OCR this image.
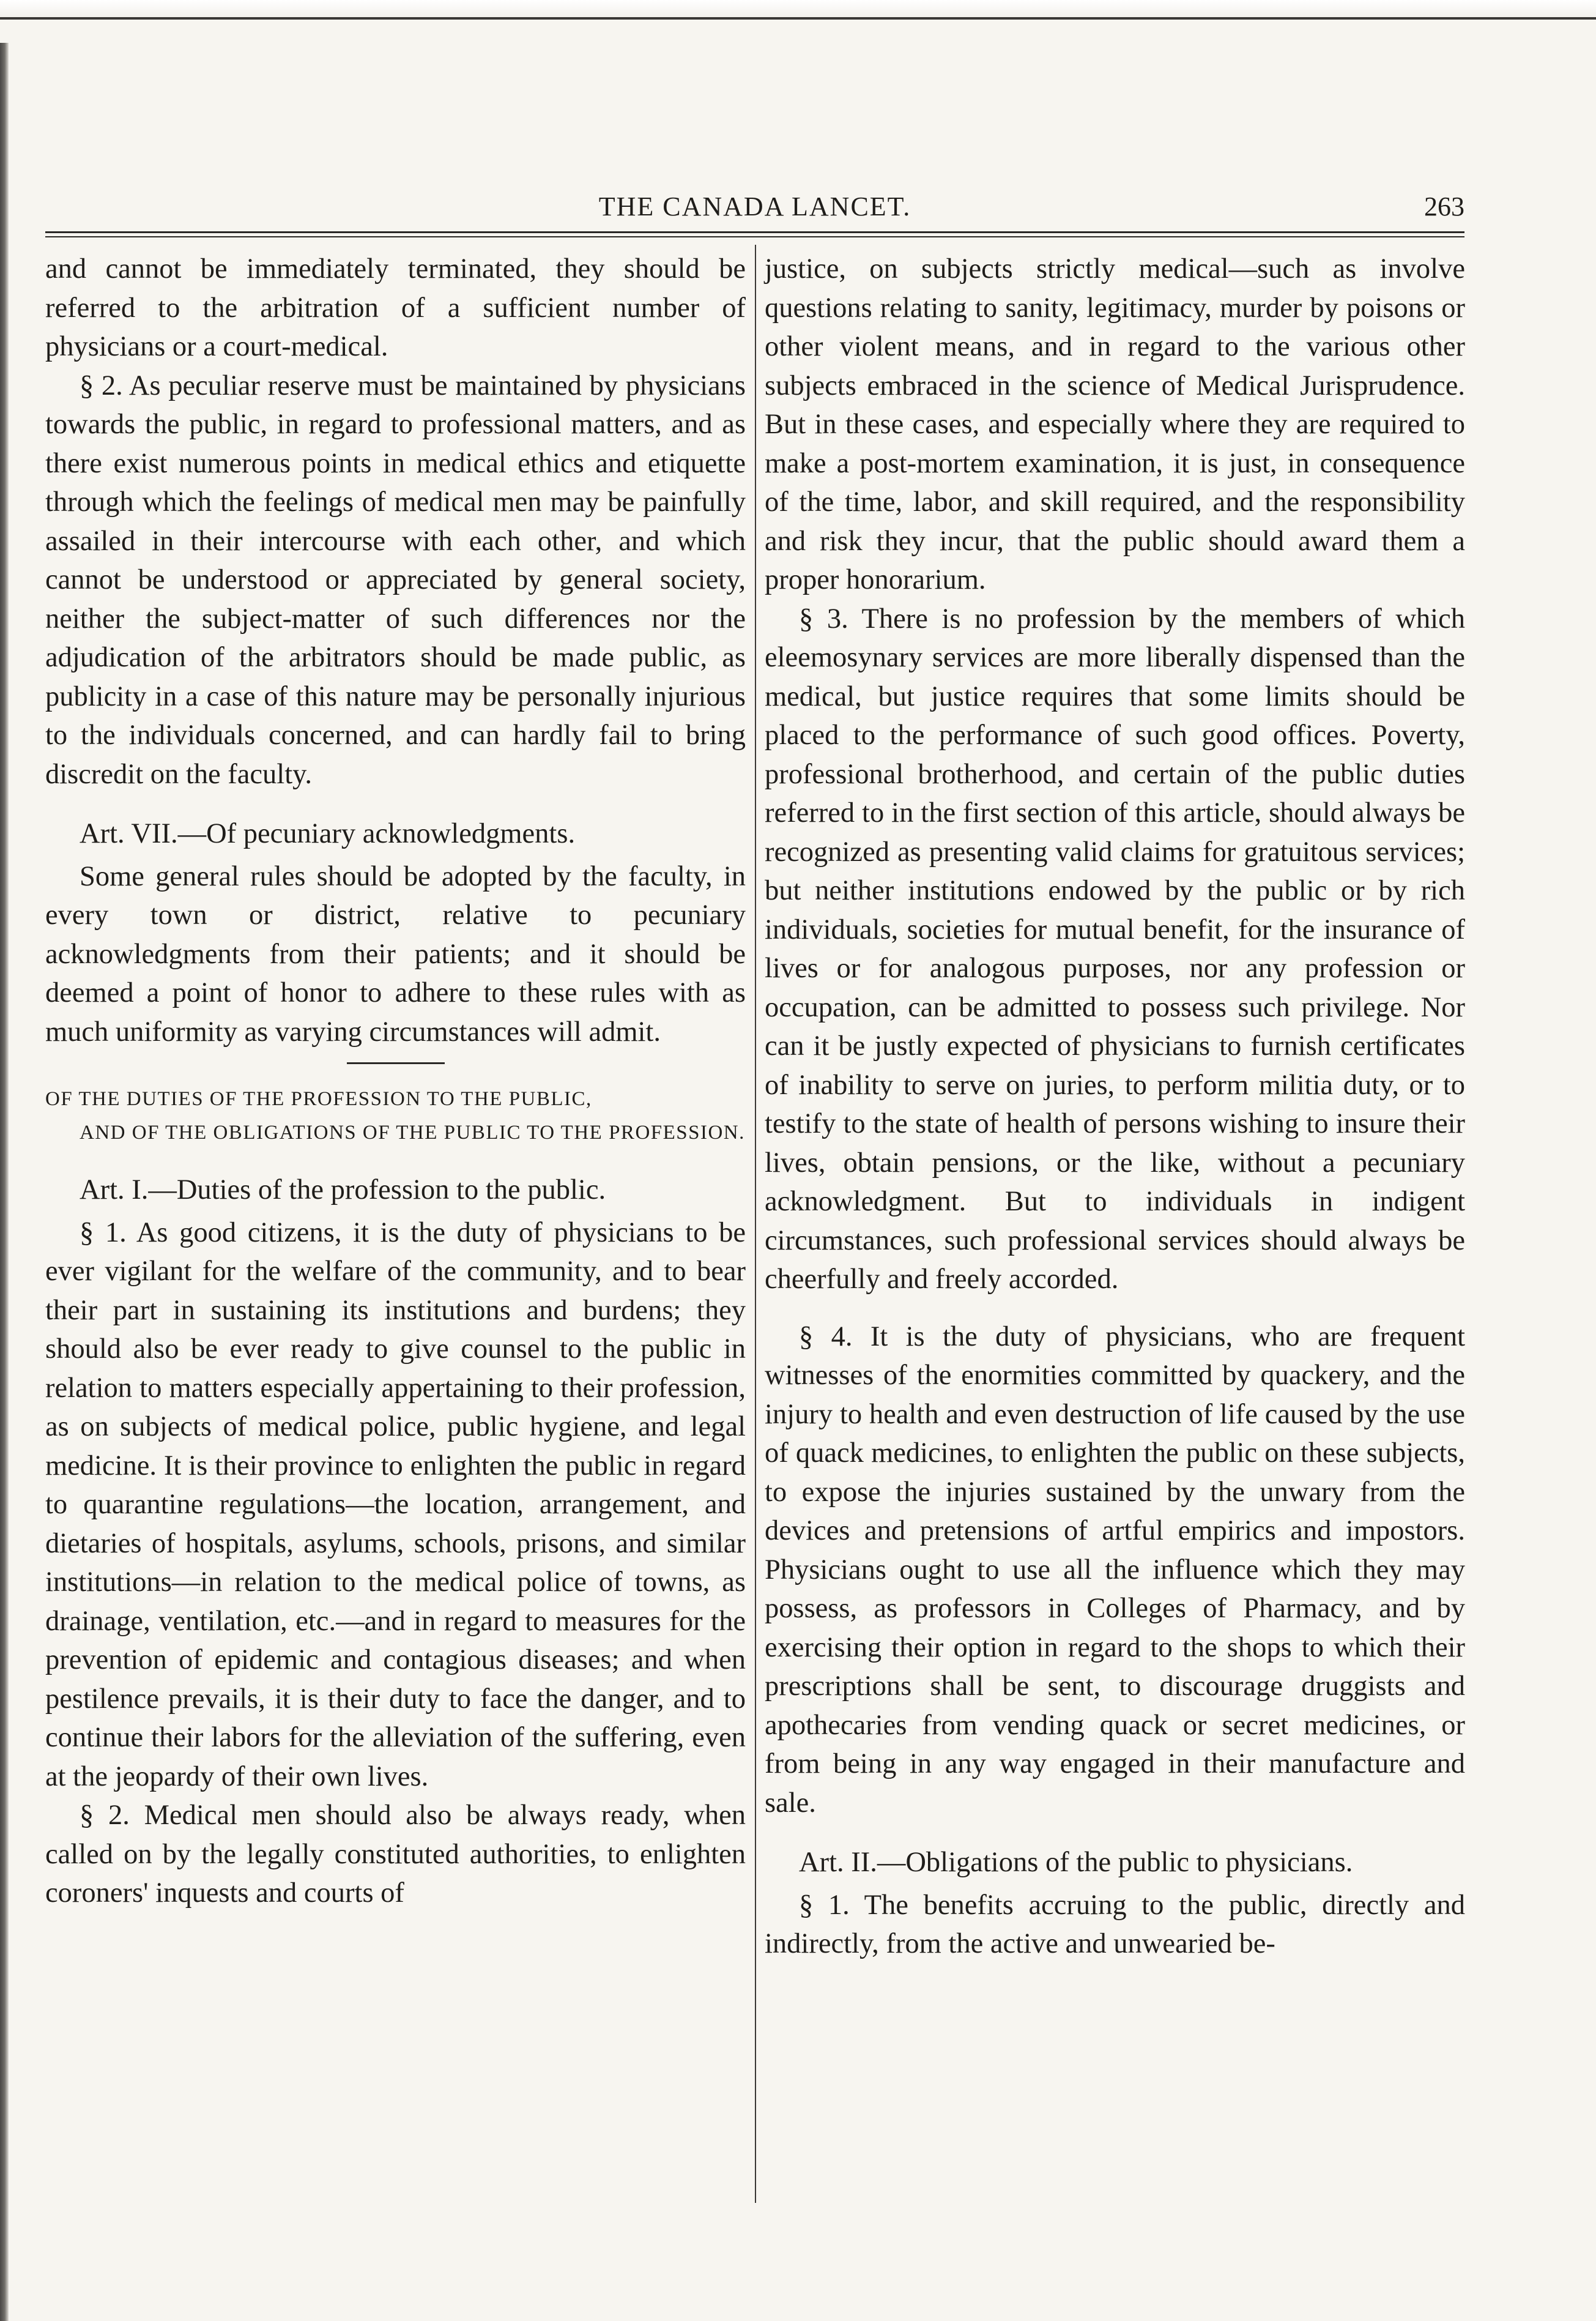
THE CANADA LANCET.	263

and cannot be immediately terminated, they should be referred to the arbitration of a sufficient number of physicians or a court-medical.

§ 2. As peculiar reserve must be maintained by physicians towards the public, in regard to professional matters, and as there exist numerous points in medical ethics and etiquette through which the feelings of medical men may be painfully assailed in their intercourse with each other, and which cannot be understood or appreciated by general society, neither the subject-matter of such differences nor the adjudication of the arbitrators should be made public, as publicity in a case of this nature may be personally injurious to the individuals concerned, and can hardly fail to bring discredit on the faculty.

Art. VII.—Of pecuniary acknowledgments.

Some general rules should be adopted by the faculty, in every town or district, relative to pecuniary acknowledgments from their patients; and it should be deemed a point of honor to adhere to these rules with as much uniformity as varying circumstances will admit.

OF THE DUTIES OF THE PROFESSION TO THE PUBLIC,
AND OF THE OBLIGATIONS OF THE PUBLIC TO THE PROFESSION.

Art. I.—Duties of the profession to the public.

§ 1. As good citizens, it is the duty of physicians to be ever vigilant for the welfare of the community, and to bear their part in sustaining its institutions and burdens; they should also be ever ready to give counsel to the public in relation to matters especially appertaining to their profession, as on subjects of medical police, public hygiene, and legal medicine. It is their province to enlighten the public in regard to quarantine regulations—the location, arrangement, and dietaries of hospitals, asylums, schools, prisons, and similar institutions—in relation to the medical police of towns, as drainage, ventilation, etc.—and in regard to measures for the prevention of epidemic and contagious diseases; and when pestilence prevails, it is their duty to face the danger, and to continue their labors for the alleviation of the suffering, even at the jeopardy of their own lives.

§ 2. Medical men should also be always ready, when called on by the legally constituted authorities, to enlighten coroners' inquests and courts of

justice, on subjects strictly medical—such as involve questions relating to sanity, legitimacy, murder by poisons or other violent means, and in regard to the various other subjects embraced in the science of Medical Jurisprudence. But in these cases, and especially where they are required to make a post-mortem examination, it is just, in consequence of the time, labor, and skill required, and the responsibility and risk they incur, that the public should award them a proper honorarium.

§ 3. There is no profession by the members of which eleemosynary services are more liberally dispensed than the medical, but justice requires that some limits should be placed to the performance of such good offices. Poverty, professional brotherhood, and certain of the public duties referred to in the first section of this article, should always be recognized as presenting valid claims for gratuitous services; but neither institutions endowed by the public or by rich individuals, societies for mutual benefit, for the insurance of lives or for analogous purposes, nor any profession or occupation, can be admitted to possess such privilege. Nor can it be justly expected of physicians to furnish certificates of inability to serve on juries, to perform militia duty, or to testify to the state of health of persons wishing to insure their lives, obtain pensions, or the like, without a pecuniary acknowledgment. But to individuals in indigent circumstances, such professional services should always be cheerfully and freely accorded.

§ 4. It is the duty of physicians, who are frequent witnesses of the enormities committed by quackery, and the injury to health and even destruction of life caused by the use of quack medicines, to enlighten the public on these subjects, to expose the injuries sustained by the unwary from the devices and pretensions of artful empirics and impostors. Physicians ought to use all the influence which they may possess, as professors in Colleges of Pharmacy, and by exercising their option in regard to the shops to which their prescriptions shall be sent, to discourage druggists and apothecaries from vending quack or secret medicines, or from being in any way engaged in their manufacture and sale.

Art. II.—Obligations of the public to physicians.

§ 1. The benefits accruing to the public, directly and indirectly, from the active and unwearied be-
